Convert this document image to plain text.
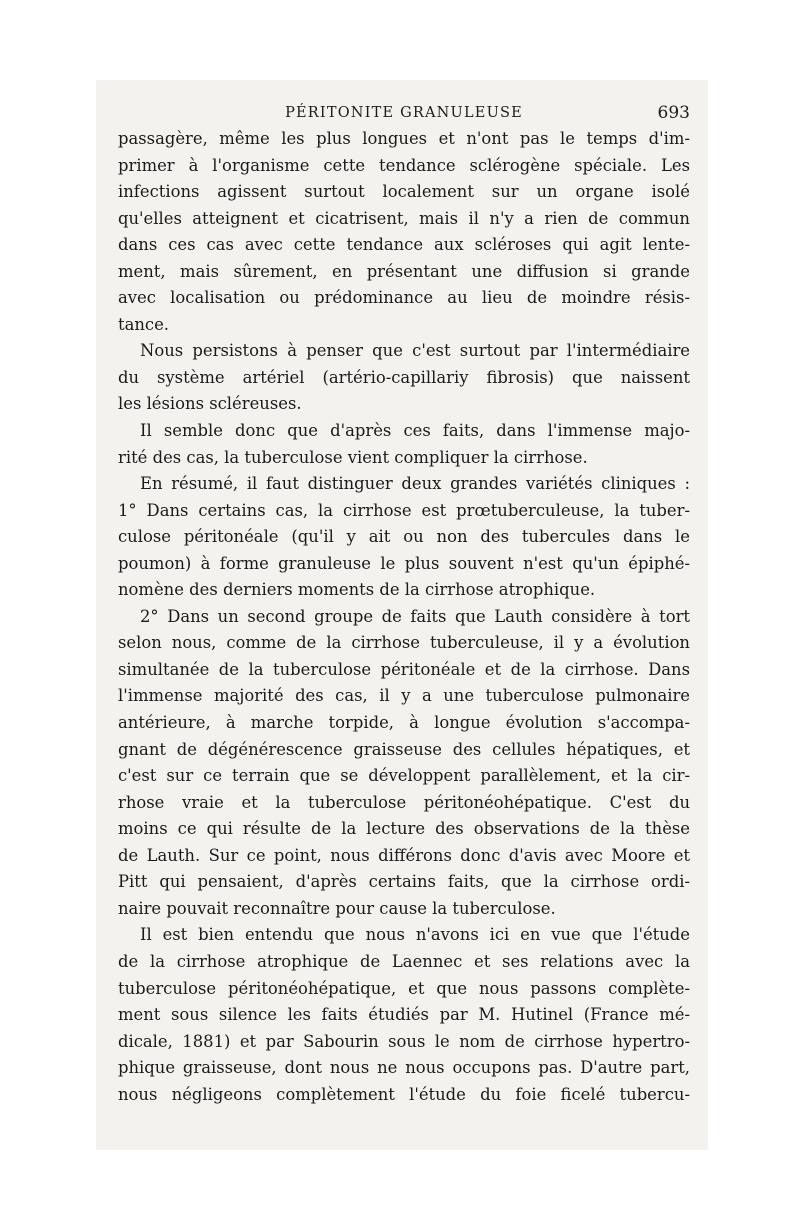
PÉRITONITE GRANULEUSE	693
passagère, même les plus longues et n'ont pas le temps d'im-
primer à l'organisme cette tendance sclérogène spéciale. Les
infections agissent surtout localement sur un organe isolé
qu'elles atteignent et cicatrisent, mais il n'y a rien de commun
dans ces cas avec cette tendance aux scléroses qui agit lente-
ment, mais sûrement, en présentant une diffusion si grande
avec localisation ou prédominance au lieu de moindre résis-
tance.
Nous persistons à penser que c'est surtout par l'intermédiaire
du système artériel (artério-capillariy fibrosis) que naissent
les lésions scléreuses.
Il semble donc que d'après ces faits, dans l'immense majo-
rité des cas, la tuberculose vient compliquer la cirrhose.
En résumé, il faut distinguer deux grandes variétés cliniques :
1° Dans certains cas, la cirrhose est prœtuberculeuse, la tuber-
culose péritonéale (qu'il y ait ou non des tubercules dans le
poumon) à forme granuleuse le plus souvent n'est qu'un épiphé-
nomène des derniers moments de la cirrhose atrophique.
2° Dans un second groupe de faits que Lauth considère à tort
selon nous, comme de la cirrhose tuberculeuse, il y a évolution
simultanée de la tuberculose péritonéale et de la cirrhose. Dans
l'immense majorité des cas, il y a une tuberculose pulmonaire
antérieure, à marche torpide, à longue évolution s'accompa-
gnant de dégénérescence graisseuse des cellules hépatiques, et
c'est sur ce terrain que se développent parallèlement, et la cir-
rhose vraie et la tuberculose péritonéohépatique. C'est du
moins ce qui résulte de la lecture des observations de la thèse
de Lauth. Sur ce point, nous différons donc d'avis avec Moore et
Pitt qui pensaient, d'après certains faits, que la cirrhose ordi-
naire pouvait reconnaître pour cause la tuberculose.
Il est bien entendu que nous n'avons ici en vue que l'étude
de la cirrhose atrophique de Laennec et ses relations avec la
tuberculose péritonéohépatique, et que nous passons complète-
ment sous silence les faits étudiés par M. Hutinel (France mé-
dicale, 1881) et par Sabourin sous le nom de cirrhose hypertro-
phique graisseuse, dont nous ne nous occupons pas. D'autre part,
nous négligeons complètement l'étude du foie ficelé tubercu-
